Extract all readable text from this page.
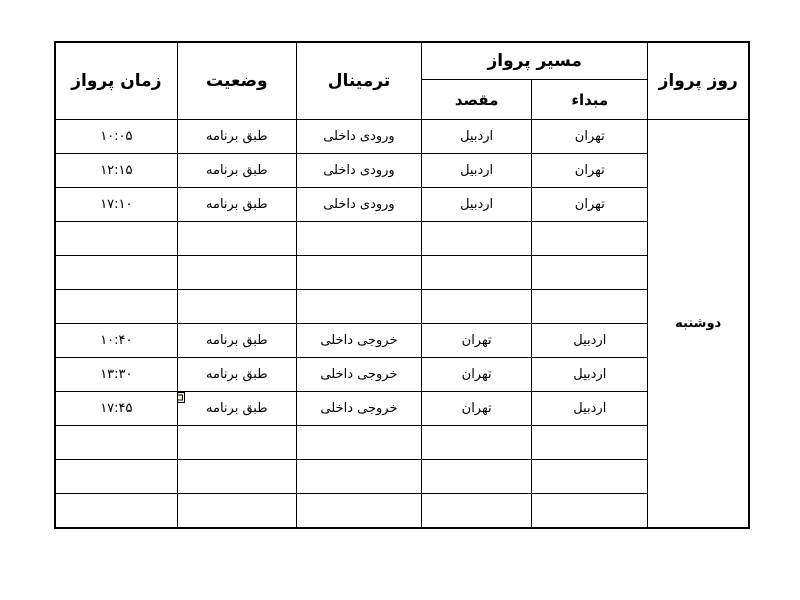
روز پرواز	مسیر پرواز		ترمینال	وضعیت	زمان پرواز
	مبداء	مقصد			
دوشنبه	تهران	اردبیل	ورودی داخلی	طبق برنامه	۱۰:۰۵
	تهران	اردبیل	ورودی داخلی	طبق برنامه	۱۲:۱۵
	تهران	اردبیل	ورودی داخلی	طبق برنامه	۱۷:۱۰

	اردبیل	تهران	خروجی داخلی	طبق برنامه	۱۰:۴۰
	اردبیل	تهران	خروجی داخلی	طبق برنامه	۱۳:۳۰
	اردبیل	تهران	خروجی داخلی	طبق برنامه	۱۷:۴۵
